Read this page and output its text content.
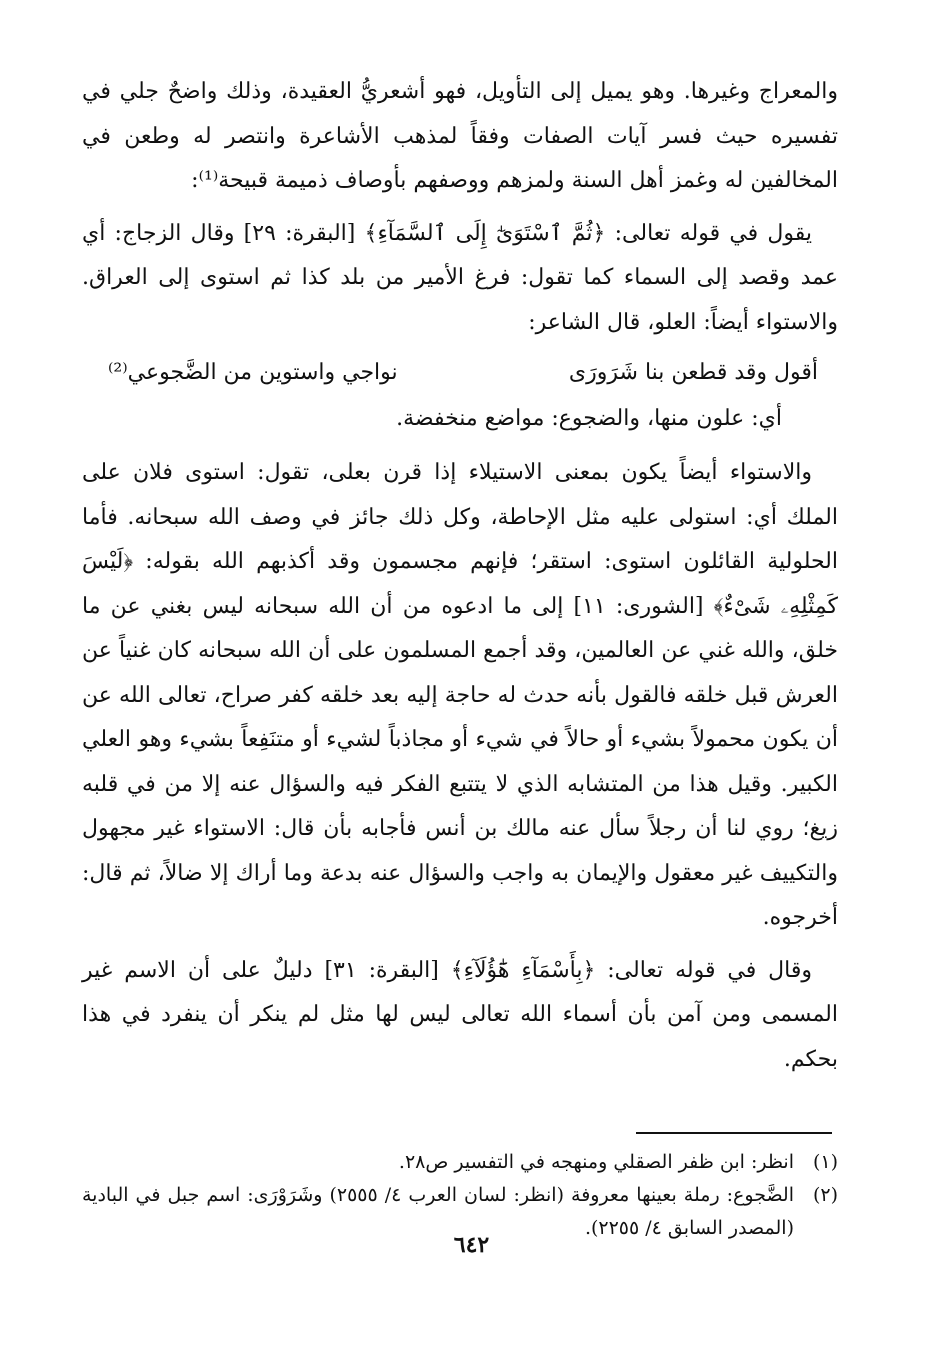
والمعراج وغيرها. وهو يميل إلى التأويل، فهو أشعريُّ العقيدة، وذلك واضحٌ جلي في تفسيره حيث فسر آيات الصفات وفقاً لمذهب الأشاعرة وانتصر له وطعن في المخالفين له وغمز أهل السنة ولمزهم ووصفهم بأوصاف ذميمة قبيحة⁽¹⁾:

يقول في قوله تعالى: ﴿ثُمَّ ٱسْتَوَىٰٓ إِلَى ٱلسَّمَآءِ﴾ [البقرة: ٢٩] وقال الزجاج: أي عمد وقصد إلى السماء كما تقول: فرغ الأمير من بلد كذا ثم استوى إلى العراق. والاستواء أيضاً: العلو، قال الشاعر:

أقول وقد قطعن بنا شَرَورَى
نواجي واستوين من الضَّجوعي⁽²⁾

أي: علون منها، والضجوع: مواضع منخفضة.

والاستواء أيضاً يكون بمعنى الاستيلاء إذا قرن بعلى، تقول: استوى فلان على الملك أي: استولى عليه مثل الإحاطة، وكل ذلك جائز في وصف الله سبحانه. فأما الحلولية القائلون استوى: استقر؛ فإنهم مجسمون وقد أكذبهم الله بقوله: ﴿لَيْسَ كَمِثْلِهِۦ شَىْءٌ﴾ [الشورى: ١١] إلى ما ادعوه من أن الله سبحانه ليس بغني عن ما خلق، والله غني عن العالمين، وقد أجمع المسلمون على أن الله سبحانه كان غنياً عن العرش قبل خلقه فالقول بأنه حدث له حاجة إليه بعد خلقه كفر صراح، تعالى الله عن أن يكون محمولاً بشيء أو حالاً في شيء أو مجاذباً لشيء أو متنَفِعاً بشيء وهو العلي الكبير. وقيل هذا من المتشابه الذي لا يتتبع الفكر فيه والسؤال عنه إلا من في قلبه زيغ؛ روي لنا أن رجلاً سأل عنه مالك بن أنس فأجابه بأن قال: الاستواء غير مجهول والتكييف غير معقول والإيمان به واجب والسؤال عنه بدعة وما أراك إلا ضالاً، ثم قال: أخرجوه.

وقال في قوله تعالى: ﴿بِأَسْمَآءِ هَٰٓؤُلَآءِ﴾ [البقرة: ٣١] دليلٌ على أن الاسم غير المسمى ومن آمن بأن أسماء الله تعالى ليس لها مثل لم ينكر أن ينفرد في هذا بحكم.

(١)
انظر: ابن ظفر الصقلي ومنهجه في التفسير ص٢٨.
(٢)
الضَّجوع: رملة بعينها معروفة (انظر: لسان العرب ٤/ ٢٥٥٥) وشَرَوْرَى: اسم جبل في البادية (المصدر السابق ٤/ ٢٢٥٥).
٦٤٢
